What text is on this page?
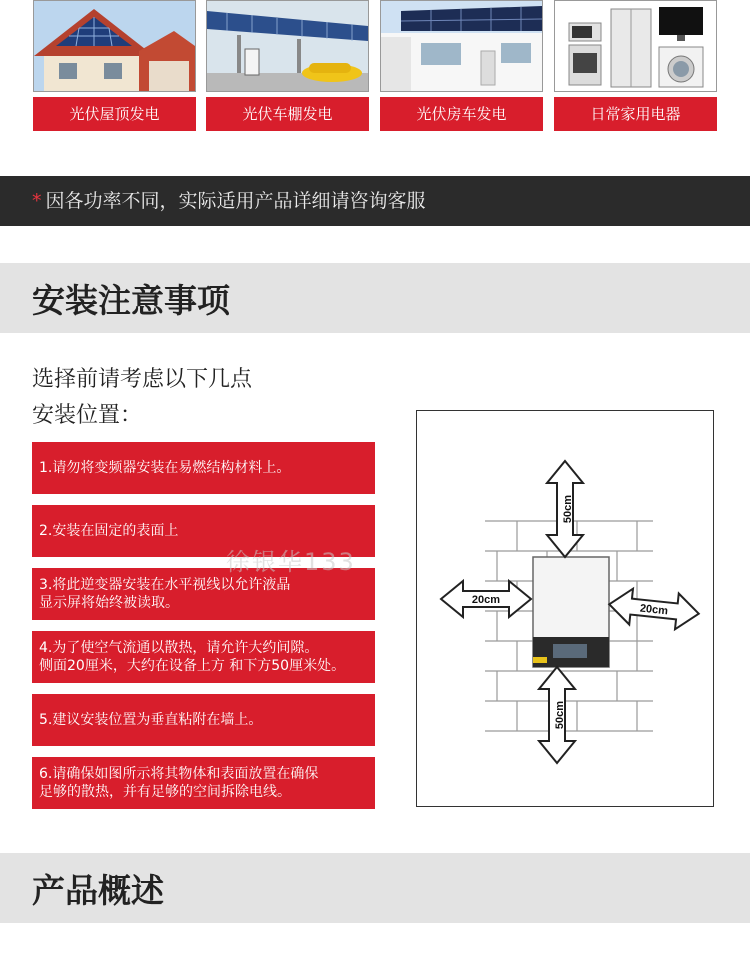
光伏屋顶发电	光伏车棚发电	光伏房车发电	日常家用电器
* 因各功率不同，实际适用产品详细请咨询客服
安装注意事项
选择前请考虑以下几点
安装位置：
1.请勿将变频器安装在易燃结构材料上。
2.安装在固定的表面上
3.将此逆变器安装在水平视线以允许液晶
显示屏将始终被读取。
4.为了使空气流通以散热，请允许大约间隙。
侧面20厘米，大约在设备上方 和下方50厘米处。
5.建议安装位置为垂直粘附在墙上。
6.请确保如图所示将其物体和表面放置在确保
足够的散热，并有足够的空间拆除电线。
50cm
50cm
20cm
20cm
徐银华133
产品概述
